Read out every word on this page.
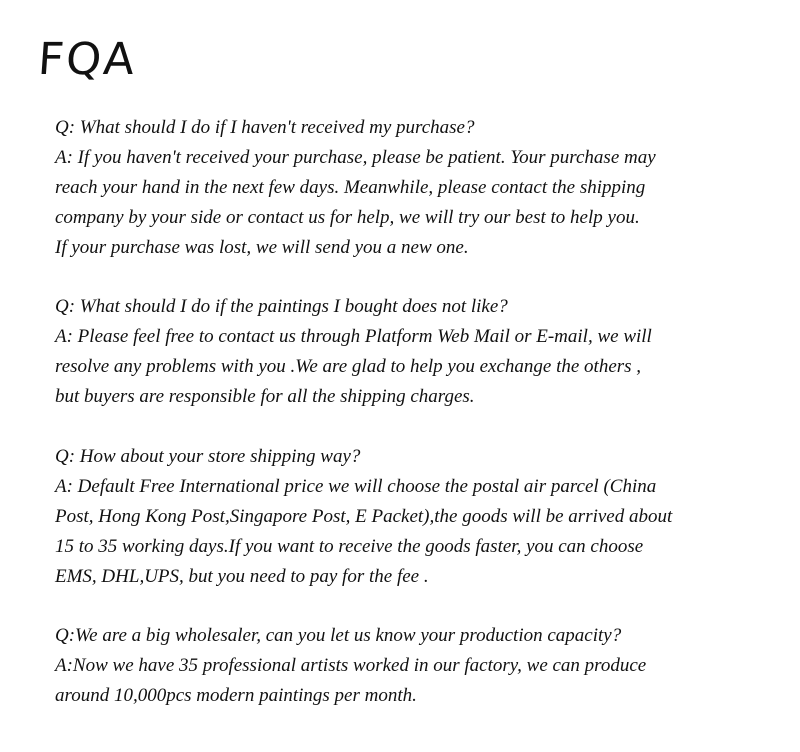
FQA
Q: What should I do if I haven't received my purchase?
A: If you haven't received your purchase, please be patient. Your purchase may
reach your hand in the next few days. Meanwhile, please contact the shipping
company by your side or contact us for help, we will try our best to help you.
If your purchase was lost, we will send you a new one.
Q: What should I do if the paintings I bought does not like?
A: Please feel free to contact us through Platform Web Mail or E-mail, we will
resolve any problems with you .We are glad to help you exchange the others ,
but buyers are responsible for all the shipping charges.
Q: How about your store shipping way?
A: Default Free International price we will choose the postal air parcel (China
Post, Hong Kong Post,Singapore Post, E Packet),the goods will be arrived about
15 to 35 working days.If you want to receive the goods faster, you can choose
EMS, DHL,UPS, but you need to pay for the fee .
Q:We are a big wholesaler, can you let us know your production capacity?
A:Now we have 35 professional artists worked in our factory, we can produce
around 10,000pcs modern paintings per month.
